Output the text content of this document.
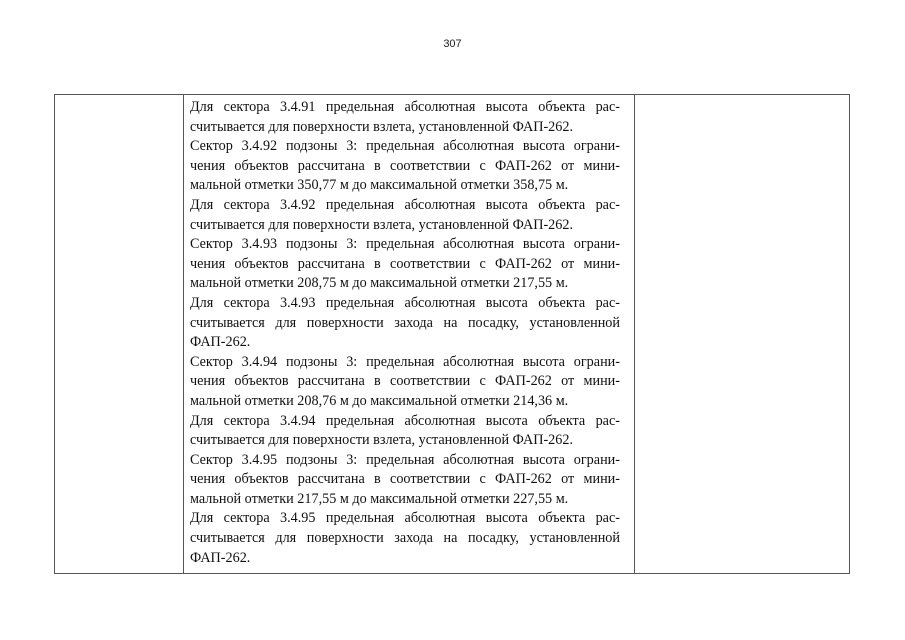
307

Для сектора 3.4.91 предельная абсолютная высота объекта рас-
считывается для поверхности взлета, установленной ФАП-262.

Сектор 3.4.92 подзоны 3: предельная абсолютная высота ограни-
чения объектов рассчитана в соответствии с ФАП-262 от мини-
мальной отметки 350,77 м до максимальной отметки 358,75 м.

Для сектора 3.4.92 предельная абсолютная высота объекта рас-
считывается для поверхности взлета, установленной ФАП-262.

Сектор 3.4.93 подзоны 3: предельная абсолютная высота ограни-
чения объектов рассчитана в соответствии с ФАП-262 от мини-
мальной отметки 208,75 м до максимальной отметки 217,55 м.

Для сектора 3.4.93 предельная абсолютная высота объекта рас-
считывается для поверхности захода на посадку, установленной
ФАП-262.

Сектор 3.4.94 подзоны 3: предельная абсолютная высота ограни-
чения объектов рассчитана в соответствии с ФАП-262 от мини-
мальной отметки 208,76 м до максимальной отметки 214,36 м.

Для сектора 3.4.94 предельная абсолютная высота объекта рас-
считывается для поверхности взлета, установленной ФАП-262.

Сектор 3.4.95 подзоны 3: предельная абсолютная высота ограни-
чения объектов рассчитана в соответствии с ФАП-262 от мини-
мальной отметки 217,55 м до максимальной отметки 227,55 м.

Для сектора 3.4.95 предельная абсолютная высота объекта рас-
считывается для поверхности захода на посадку, установленной
ФАП-262.
